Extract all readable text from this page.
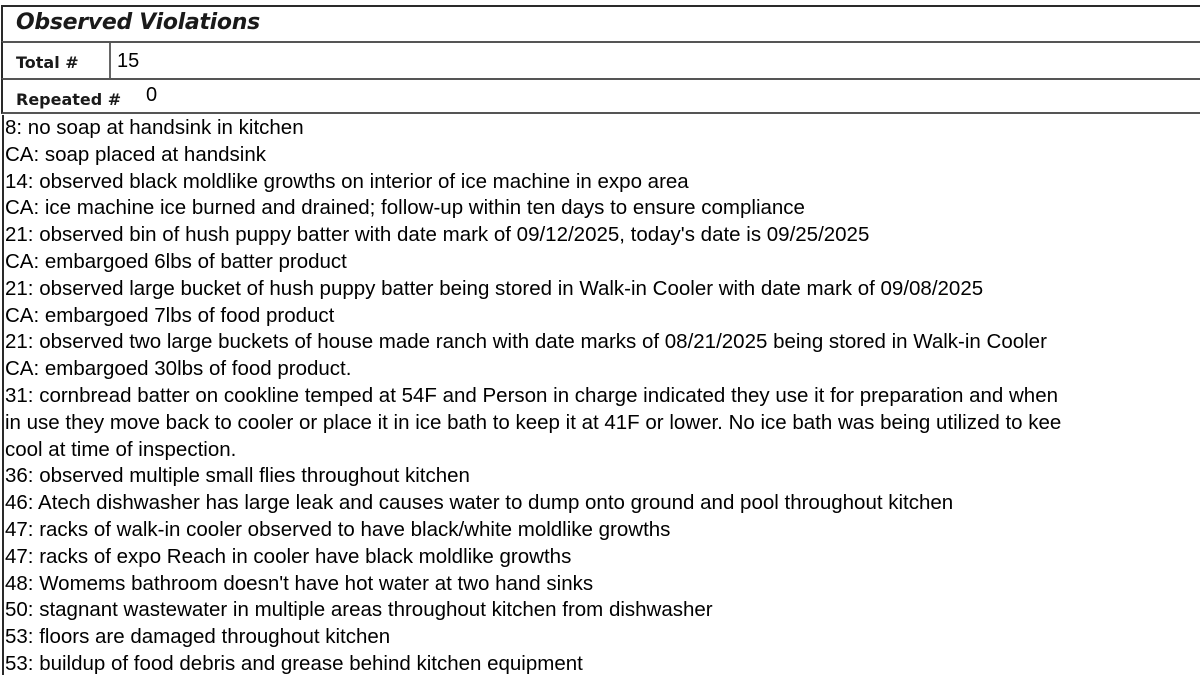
Observed Violations
Total # 15
Repeated # 0

8: no soap at handsink in kitchen

CA: soap placed at handsink

14: observed black moldlike growths on interior of ice machine in expo area

CA: ice machine ice burned and drained; follow-up within ten days to ensure compliance

21: observed bin of hush puppy batter with date mark of 09/12/2025, today's date is 09/25/2025

CA: embargoed 6lbs of batter product

21: observed large bucket of hush puppy batter being stored in Walk-in Cooler with date mark of 09/08/2025

CA: embargoed 7lbs of food product

21: observed two large buckets of house made ranch with date marks of 08/21/2025 being stored in Walk-in Cooler

CA: embargoed 30lbs of food product.

31: cornbread batter on cookline temped at 54F and Person in charge indicated they use it for preparation and when

in use they move back to cooler or place it in ice bath to keep it at 41F or lower. No ice bath was being utilized to kee

cool at time of inspection.

36: observed multiple small flies throughout kitchen

46: Atech dishwasher has large leak and causes water to dump onto ground and pool throughout kitchen

47: racks of walk-in cooler observed to have black/white moldlike growths

47: racks of expo Reach in cooler have black moldlike growths

48: Womems bathroom doesn't have hot water at two hand sinks

50: stagnant wastewater in multiple areas throughout kitchen from dishwasher

53: floors are damaged throughout kitchen

53: buildup of food debris and grease behind kitchen equipment
